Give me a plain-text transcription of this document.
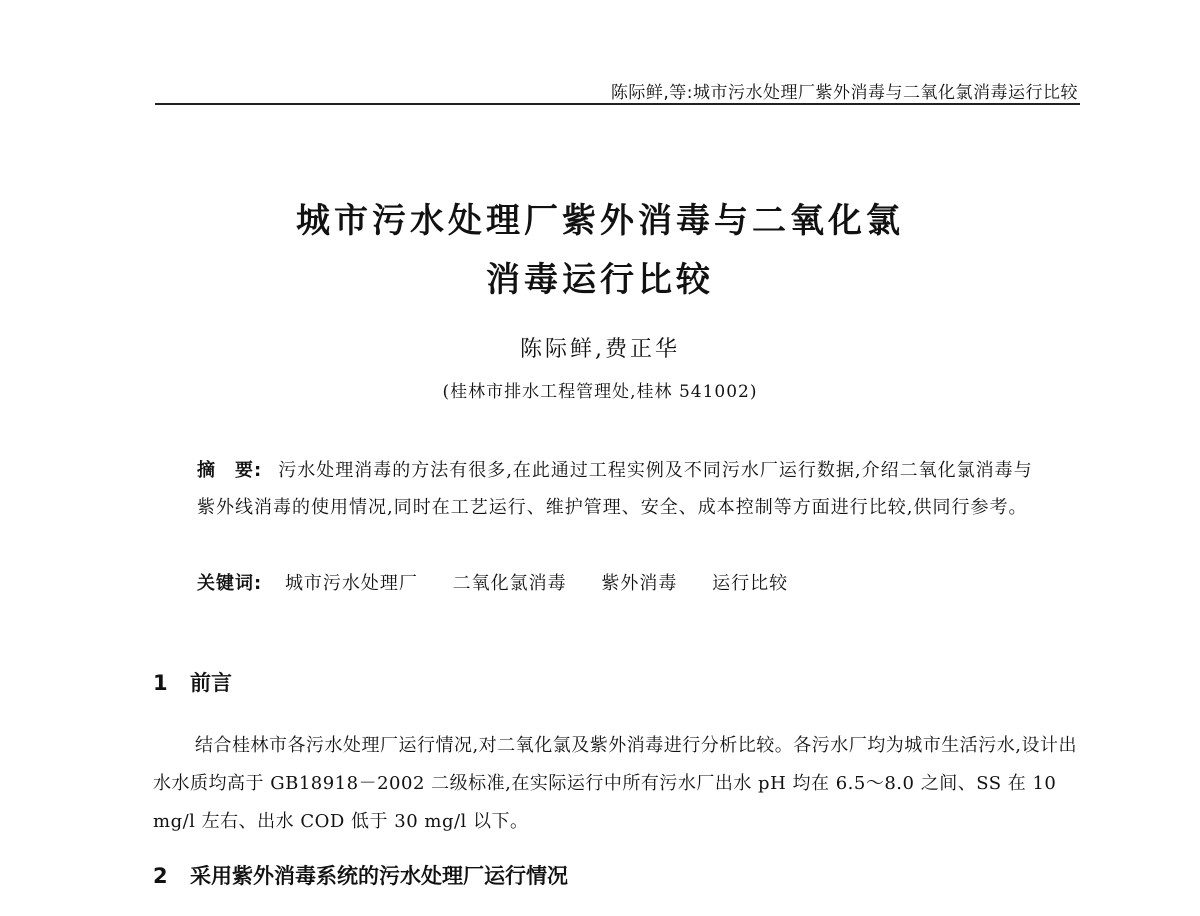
陈际鲜,等:城市污水处理厂紫外消毒与二氧化氯消毒运行比较
城市污水处理厂紫外消毒与二氧化氯
消毒运行比较
陈际鲜,费正华
(桂林市排水工程管理处,桂林 541002)

摘　要: 污水处理消毒的方法有很多,在此通过工程实例及不同污水厂运行数据,介绍二氧化氯消毒与紫外线消毒的使用情况,同时在工艺运行、维护管理、安全、成本控制等方面进行比较,供同行参考。

关键词: 城市污水处理厂 二氧化氯消毒 紫外消毒 运行比较
1 前言

结合桂林市各污水处理厂运行情况,对二氧化氯及紫外消毒进行分析比较。各污水厂均为城市生活污水,设计出水水质均高于 GB18918－2002 二级标准,在实际运行中所有污水厂出水 pH 均在 6.5～8.0 之间、SS 在 10 mg/l 左右、出水 COD 低于 30 mg/l 以下。

2 采用紫外消毒系统的污水处理厂运行情况
